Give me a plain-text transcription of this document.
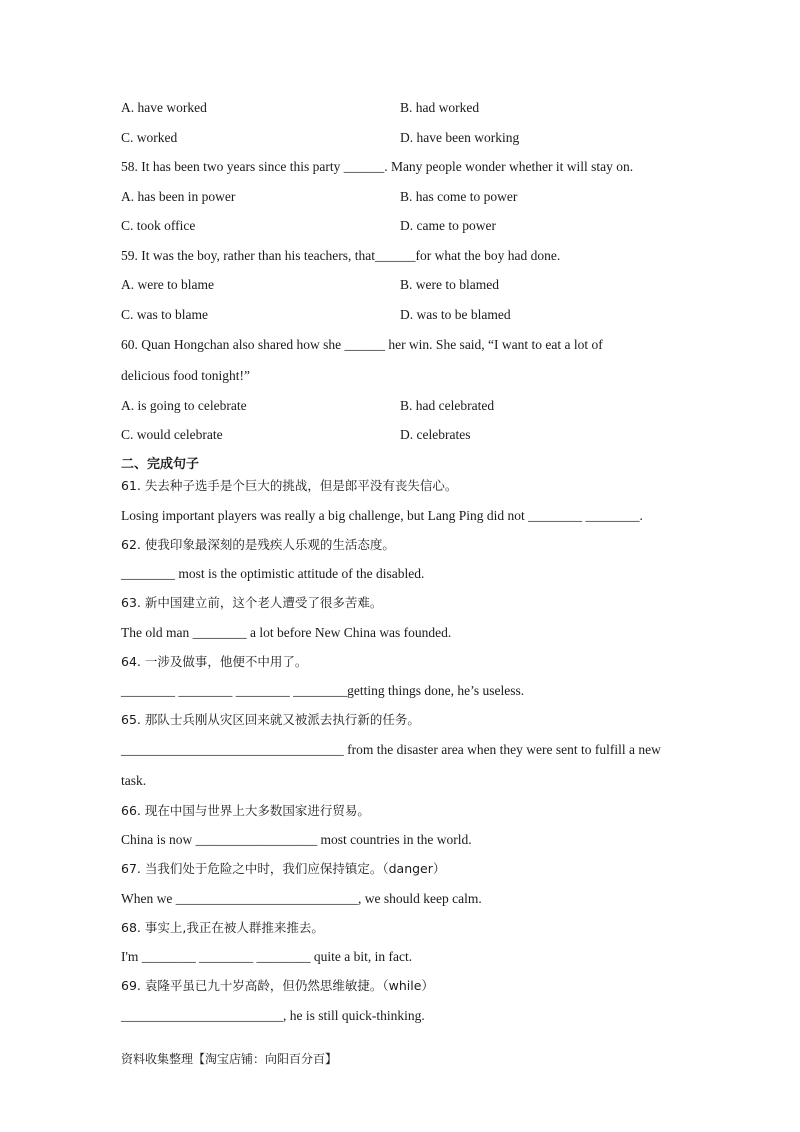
A. have worked	B. had worked
C. worked	D. have been working
58. It has been two years since this party ______. Many people wonder whether it will stay on.
A. has been in power	B. has come to power
C. took office	D. came to power
59. It was the boy, rather than his teachers, that______for what the boy had done.
A. were to blame	B. were to blamed
C. was to blame	D. was to be blamed
60. Quan Hongchan also shared how she ______ her win. She said, “I want to eat a lot of
delicious food tonight!”
A. is going to celebrate	B. had celebrated
C. would celebrate	D. celebrates
二、完成句子
61. 失去种子选手是个巨大的挑战，但是郎平没有丧失信心。
Losing important players was really a big challenge, but Lang Ping did not ________ ________.
62. 使我印象最深刻的是残疾人乐观的生活态度。
________ most is the optimistic attitude of the disabled.
63. 新中国建立前，这个老人遭受了很多苦难。
The old man ________ a lot before New China was founded.
64. 一涉及做事，他便不中用了。
________ ________ ________ ________getting things done, he’s useless.
65. 那队士兵刚从灾区回来就又被派去执行新的任务。
_________________________________ from the disaster area when they were sent to fulfill a new
task.
66. 现在中国与世界上大多数国家进行贸易。
China is now __________________ most countries in the world.
67. 当我们处于危险之中时，我们应保持镇定。（danger）
When we ___________________________, we should keep calm.
68. 事实上,我正在被人群推来推去。
I'm ________ ________ ________ quite a bit, in fact.
69. 袁隆平虽已九十岁高龄，但仍然思维敏捷。（while）
________________________, he is still quick-thinking.
资料收集整理【淘宝店铺：向阳百分百】
